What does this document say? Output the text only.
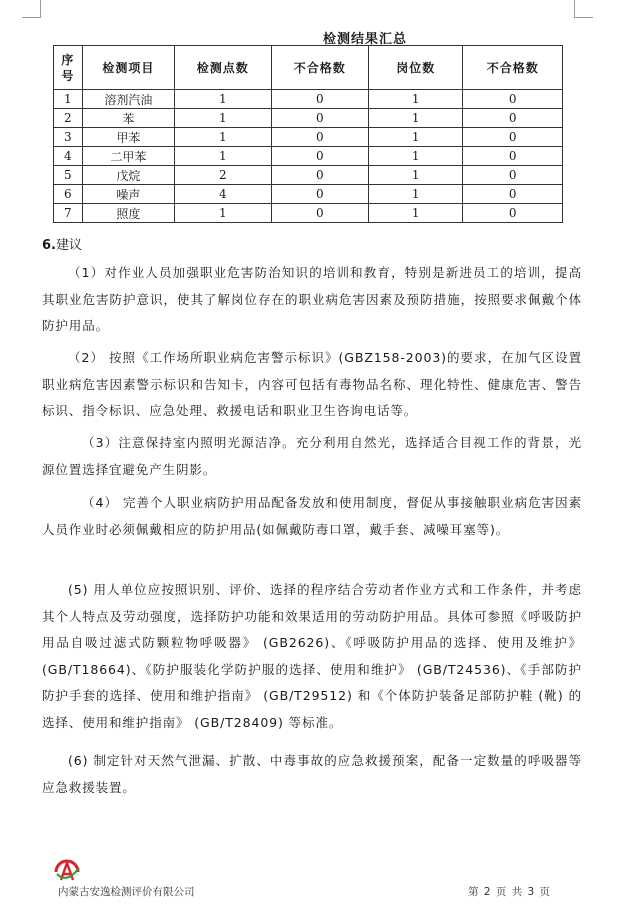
检测结果汇总
序
号	检测项目	检测点数	不合格数	岗位数	不合格数
1	溶剂汽油	1	0	1	0
2	苯	1	0	1	0
3	甲苯	1	0	1	0
4	二甲苯	1	0	1	0
5	戊烷	2	0	1	0
6	噪声	4	0	1	0
7	照度	1	0	1	0
6.建议

（1）对作业人员加强职业危害防治知识的培训和教育，特别是新进员工的培训，提高其职业危害防护意识，使其了解岗位存在的职业病危害因素及预防措施，按照要求佩戴个体防护用品。

（2） 按照《工作场所职业病危害警示标识》(GBZ158-2003)的要求，在加气区设置职业病危害因素警示标识和告知卡，内容可包括有毒物品名称、理化特性、健康危害、警告标识、指令标识、应急处理、救援电话和职业卫生咨询电话等。

（3）注意保持室内照明光源洁净。充分利用自然光，选择适合目视工作的背景，光源位置选择宜避免产生阴影。

（4） 完善个人职业病防护用品配备发放和使用制度，督促从事接触职业病危害因素人员作业时必须佩戴相应的防护用品(如佩戴防毒口罩，戴手套、减噪耳塞等)。

(5) 用人单位应按照识别、评价、选择的程序结合劳动者作业方式和工作条件，并考虑其个人特点及劳动强度，选择防护功能和效果适用的劳动防护用品。具体可参照《呼吸防护用品自吸过滤式防颗粒物呼吸器》 (GB2626)、《呼吸防护用品的选择、使用及维护》 (GB/T18664)、《防护服装化学防护服的选择、使用和维护》 (GB/T24536)、《手部防护防护手套的选择、使用和维护指南》 (GB/T29512) 和《个体防护装备足部防护鞋 (靴) 的选择、使用和维护指南》 (GB/T28409) 等标准。

(6) 制定针对天然气泄漏、扩散、中毒事故的应急救援预案，配备一定数量的呼吸器等应急救援装置。

内蒙古安逸检测评价有限公司	第 2 页 共 3 页
